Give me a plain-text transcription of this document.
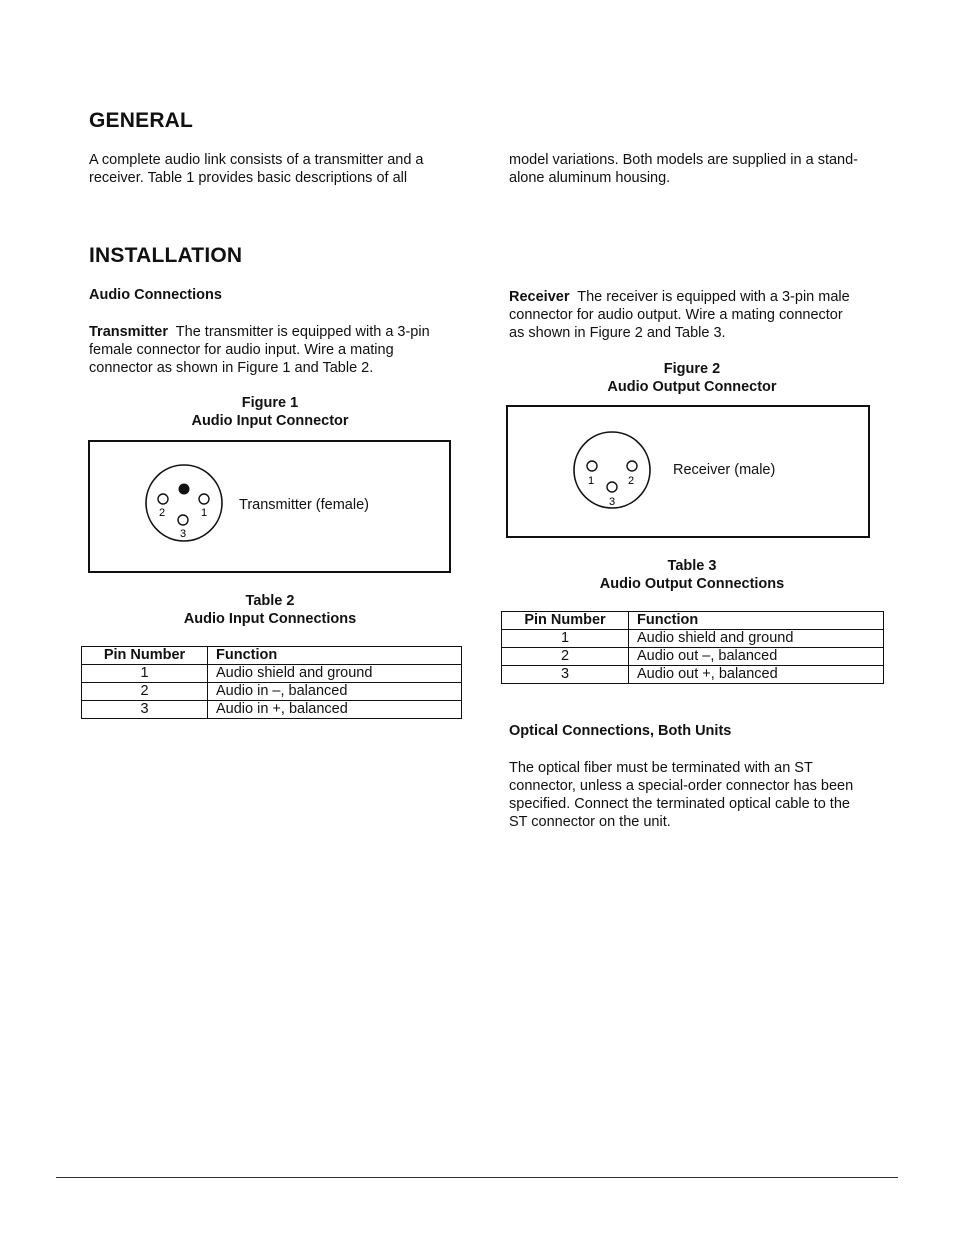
GENERAL

A complete audio link consists of a transmitter and a receiver. Table 1 provides basic descriptions of all

model variations. Both models are supplied in a stand-alone aluminum housing.

INSTALLATION
Audio Connections

Transmitter The transmitter is equipped with a 3-pin female connector for audio input. Wire a mating connector as shown in Figure 1 and Table 2.

Figure 1
Audio Input Connector
2	1
3
Transmitter (female)
Table 2
Audio Input Connections
Pin Number	Function
1	Audio shield and ground
2	Audio in –, balanced
3	Audio in +, balanced

Receiver The receiver is equipped with a 3-pin male connector for audio output. Wire a mating connector as shown in Figure 2 and Table 3.

Figure 2
Audio Output Connector
1	2
3
Receiver (male)
Table 3
Audio Output Connections
Pin Number	Function
1	Audio shield and ground
2	Audio out –, balanced
3	Audio out +, balanced
Optical Connections, Both Units

The optical fiber must be terminated with an ST connector, unless a special-order connector has been specified. Connect the terminated optical cable to the ST connector on the unit.
